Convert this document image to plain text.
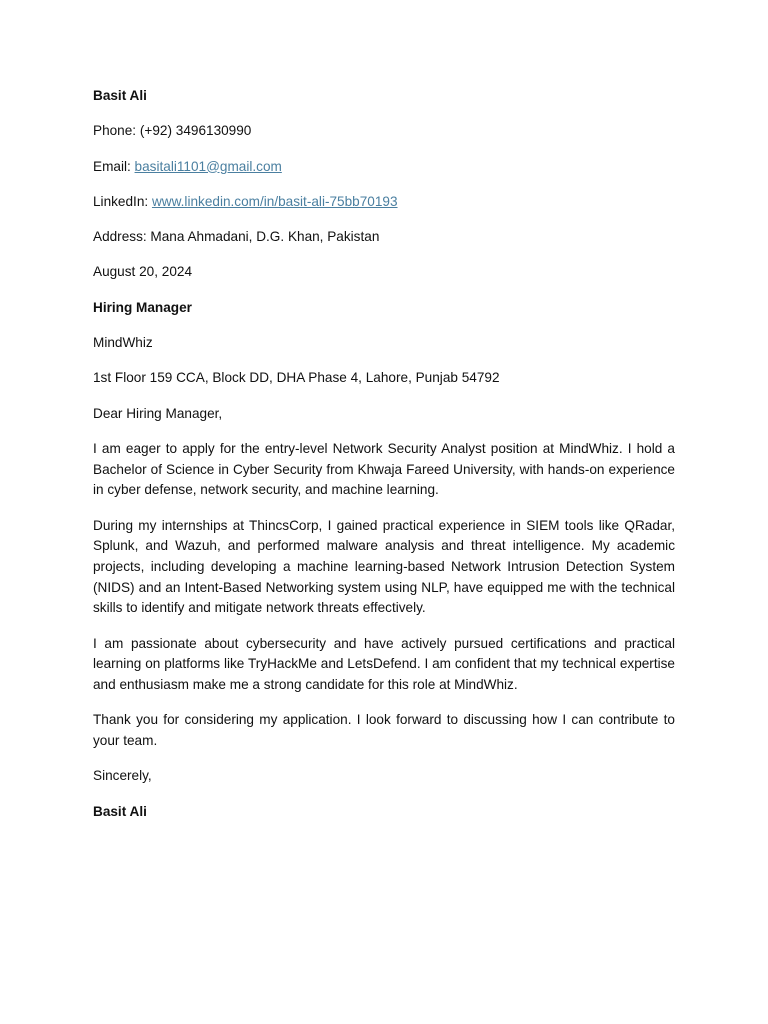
Basit Ali
Phone: (+92) 3496130990
Email: basitali1101@gmail.com
LinkedIn: www.linkedin.com/in/basit-ali-75bb70193
Address: Mana Ahmadani, D.G. Khan, Pakistan
August 20, 2024
Hiring Manager
MindWhiz
1st Floor 159 CCA, Block DD, DHA Phase 4, Lahore, Punjab 54792
Dear Hiring Manager,

I am eager to apply for the entry-level Network Security Analyst position at MindWhiz. I hold a Bachelor of Science in Cyber Security from Khwaja Fareed University, with hands-on experience in cyber defense, network security, and machine learning.

During my internships at ThincsCorp, I gained practical experience in SIEM tools like QRadar, Splunk, and Wazuh, and performed malware analysis and threat intelligence. My academic projects, including developing a machine learning-based Network Intrusion Detection System (NIDS) and an Intent-Based Networking system using NLP, have equipped me with the technical skills to identify and mitigate network threats effectively.

I am passionate about cybersecurity and have actively pursued certifications and practical learning on platforms like TryHackMe and LetsDefend. I am confident that my technical expertise and enthusiasm make me a strong candidate for this role at MindWhiz.

Thank you for considering my application. I look forward to discussing how I can contribute to your team.

Sincerely,
Basit Ali
